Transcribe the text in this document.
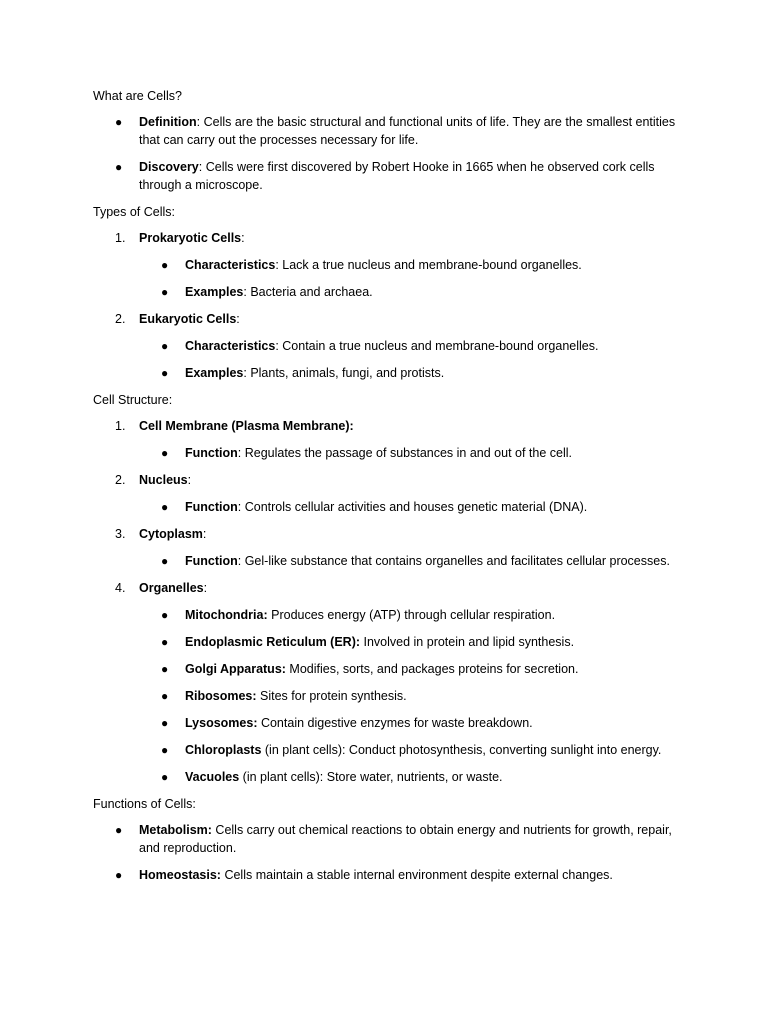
What are Cells?
● Definition: Cells are the basic structural and functional units of life. They are the smallest entities that can carry out the processes necessary for life.
● Discovery: Cells were first discovered by Robert Hooke in 1665 when he observed cork cells through a microscope.
Types of Cells:
1. Prokaryotic Cells:
● Characteristics: Lack a true nucleus and membrane-bound organelles.
● Examples: Bacteria and archaea.
2. Eukaryotic Cells:
● Characteristics: Contain a true nucleus and membrane-bound organelles.
● Examples: Plants, animals, fungi, and protists.
Cell Structure:
1. Cell Membrane (Plasma Membrane):
● Function: Regulates the passage of substances in and out of the cell.
2. Nucleus:
● Function: Controls cellular activities and houses genetic material (DNA).
3. Cytoplasm:
● Function: Gel-like substance that contains organelles and facilitates cellular processes.
4. Organelles:
● Mitochondria: Produces energy (ATP) through cellular respiration.
● Endoplasmic Reticulum (ER): Involved in protein and lipid synthesis.
● Golgi Apparatus: Modifies, sorts, and packages proteins for secretion.
● Ribosomes: Sites for protein synthesis.
● Lysosomes: Contain digestive enzymes for waste breakdown.
● Chloroplasts (in plant cells): Conduct photosynthesis, converting sunlight into energy.
● Vacuoles (in plant cells): Store water, nutrients, or waste.
Functions of Cells:
● Metabolism: Cells carry out chemical reactions to obtain energy and nutrients for growth, repair, and reproduction.
● Homeostasis: Cells maintain a stable internal environment despite external changes.
